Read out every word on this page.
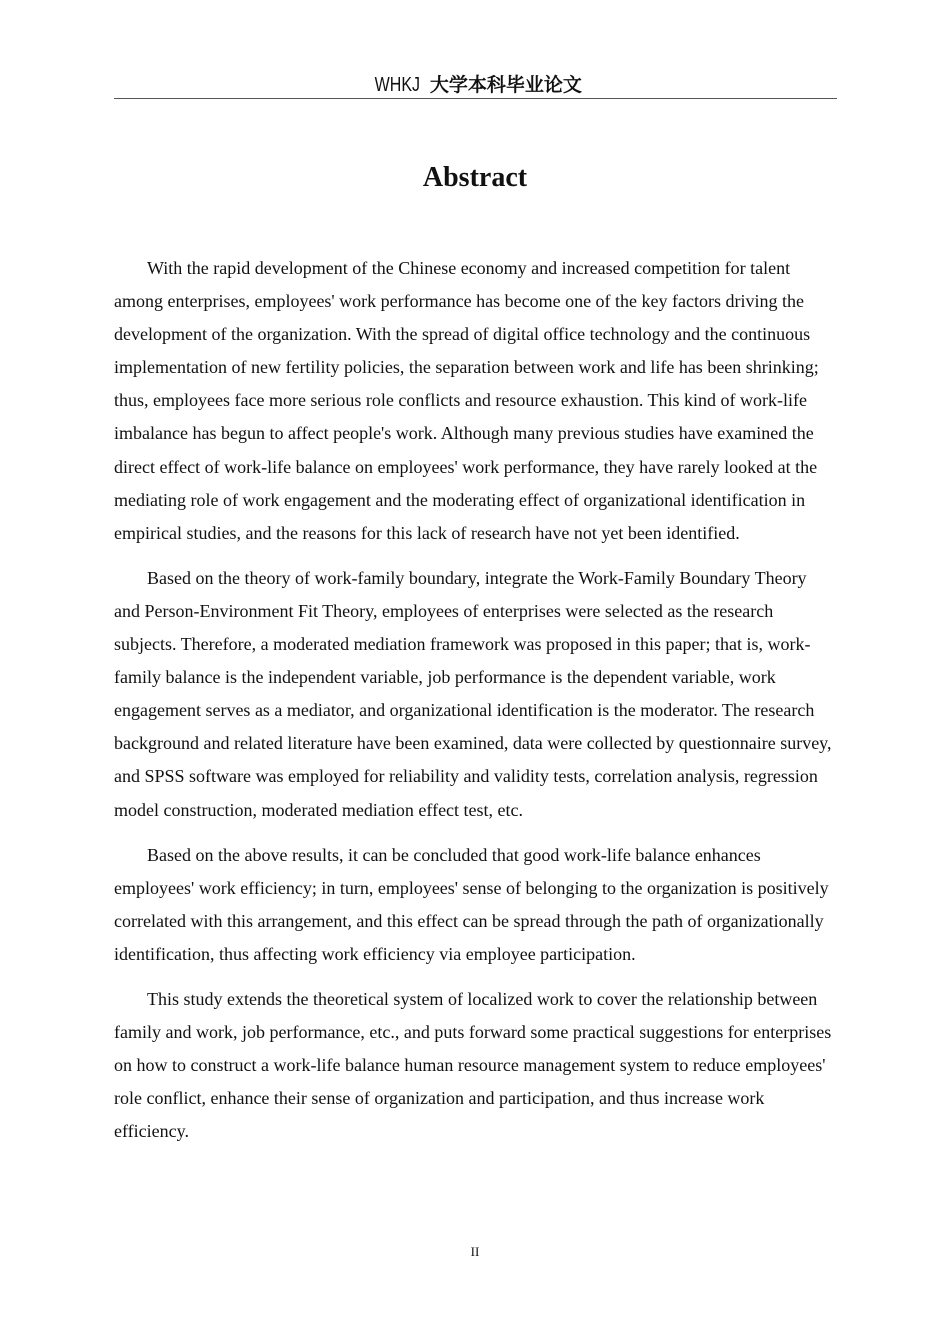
WHKJ 大学本科毕业论文
Abstract

With the rapid development of the Chinese economy and increased competition for talent among enterprises, employees' work performance has become one of the key factors driving the development of the organization. With the spread of digital office technology and the continuous implementation of new fertility policies, the separation between work and life has been shrinking; thus, employees face more serious role conflicts and resource exhaustion. This kind of work-life imbalance has begun to affect people's work. Although many previous studies have examined the direct effect of work-life balance on employees' work performance, they have rarely looked at the mediating role of work engagement and the moderating effect of organizational identification in empirical studies, and the reasons for this lack of research have not yet been identified.

Based on the theory of work-family boundary, integrate the Work-Family Boundary Theory and Person-Environment Fit Theory, employees of enterprises were selected as the research subjects. Therefore, a moderated mediation framework was proposed in this paper; that is, work-family balance is the independent variable, job performance is the dependent variable, work engagement serves as a mediator, and organizational identification is the moderator. The research background and related literature have been examined, data were collected by questionnaire survey, and SPSS software was employed for reliability and validity tests, correlation analysis, regression model construction, moderated mediation effect test, etc.

Based on the above results, it can be concluded that good work-life balance enhances employees' work efficiency; in turn, employees' sense of belonging to the organization is positively correlated with this arrangement, and this effect can be spread through the path of organizationally identification, thus affecting work efficiency via employee participation.

This study extends the theoretical system of localized work to cover the relationship between family and work, job performance, etc., and puts forward some practical suggestions for enterprises on how to construct a work-life balance human resource management system to reduce employees' role conflict, enhance their sense of organization and participation, and thus increase work efficiency.

II
